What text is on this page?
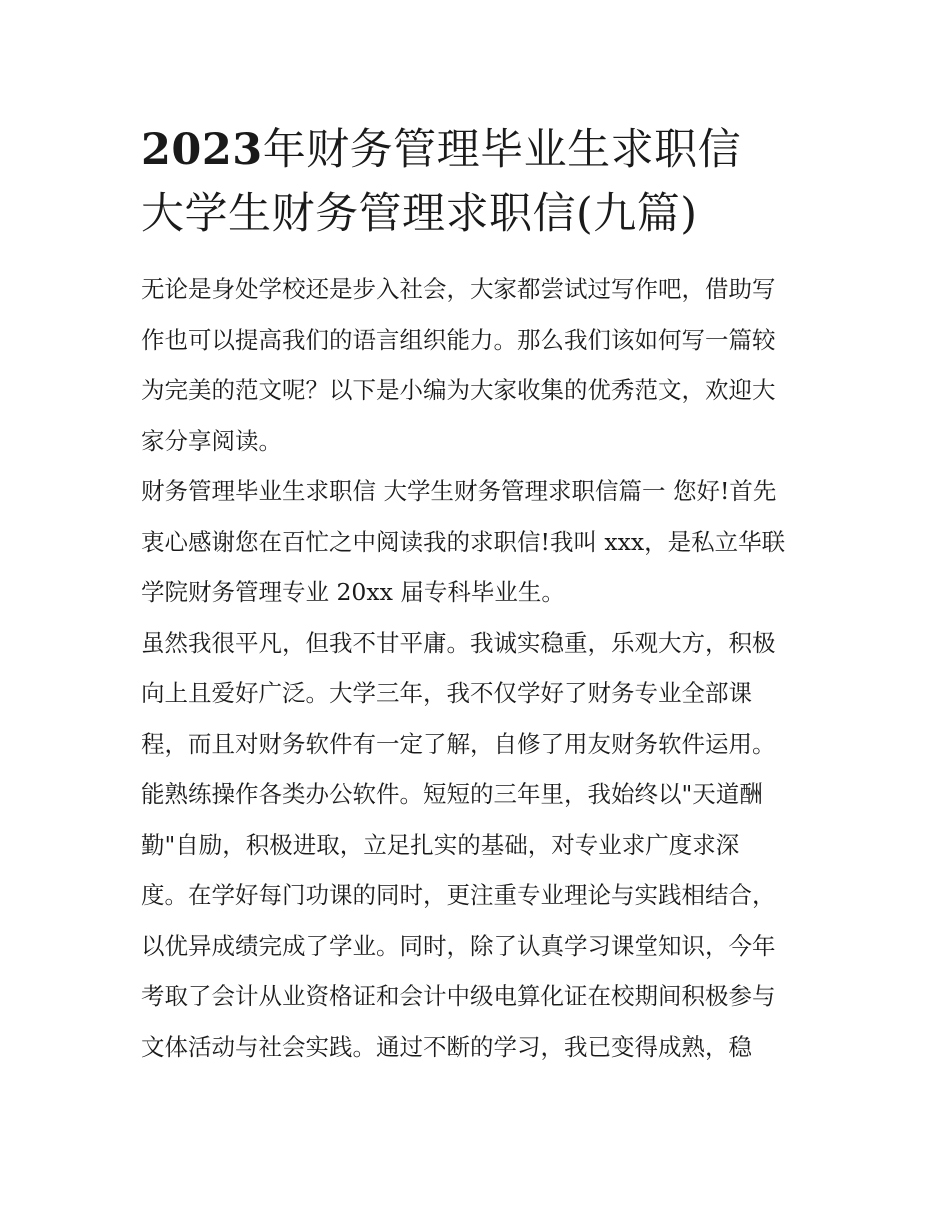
2023年财务管理毕业生求职信
大学生财务管理求职信(九篇)

无论是身处学校还是步入社会，大家都尝试过写作吧，借助写
作也可以提高我们的语言组织能力。那么我们该如何写一篇较
为完美的范文呢？以下是小编为大家收集的优秀范文，欢迎大
家分享阅读。

财务管理毕业生求职信 大学生财务管理求职信篇一 您好!首先
衷心感谢您在百忙之中阅读我的求职信!我叫 xxx，是私立华联
学院财务管理专业 20xx 届专科毕业生。

虽然我很平凡，但我不甘平庸。我诚实稳重，乐观大方，积极
向上且爱好广泛。大学三年，我不仅学好了财务专业全部课
程，而且对财务软件有一定了解，自修了用友财务软件运用。
能熟练操作各类办公软件。短短的三年里，我始终以"天道酬
勤"自励，积极进取，立足扎实的基础，对专业求广度求深
度。在学好每门功课的同时，更注重专业理论与实践相结合，
以优异成绩完成了学业。同时，除了认真学习课堂知识，今年
考取了会计从业资格证和会计中级电算化证在校期间积极参与
文体活动与社会实践。通过不断的学习，我已变得成熟，稳
